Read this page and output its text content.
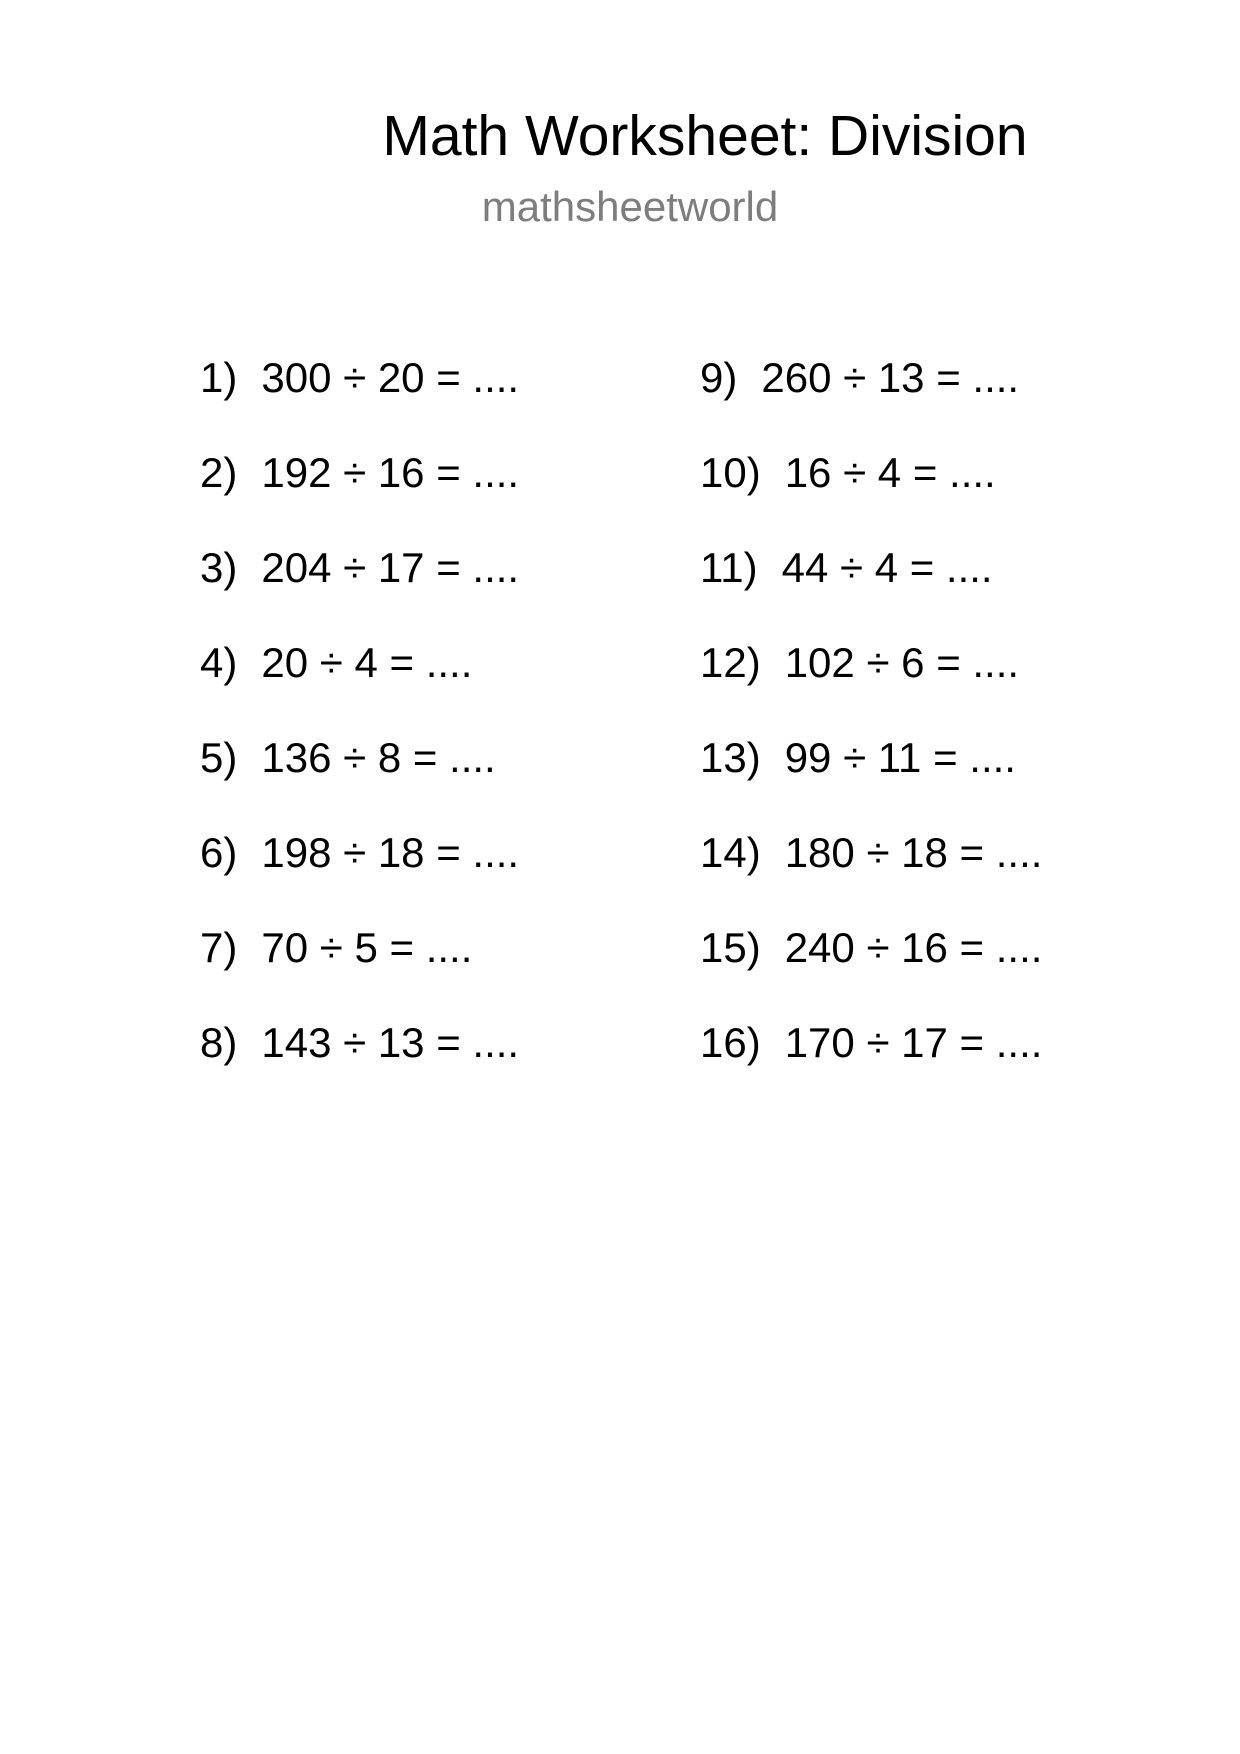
Math Worksheet: Division
mathsheetworld
1) 300 ÷ 20 = ....
2) 192 ÷ 16 = ....
3) 204 ÷ 17 = ....
4) 20 ÷ 4 = ....
5) 136 ÷ 8 = ....
6) 198 ÷ 18 = ....
7) 70 ÷ 5 = ....
8) 143 ÷ 13 = ....
9) 260 ÷ 13 = ....
10) 16 ÷ 4 = ....
11) 44 ÷ 4 = ....
12) 102 ÷ 6 = ....
13) 99 ÷ 11 = ....
14) 180 ÷ 18 = ....
15) 240 ÷ 16 = ....
16) 170 ÷ 17 = ....
